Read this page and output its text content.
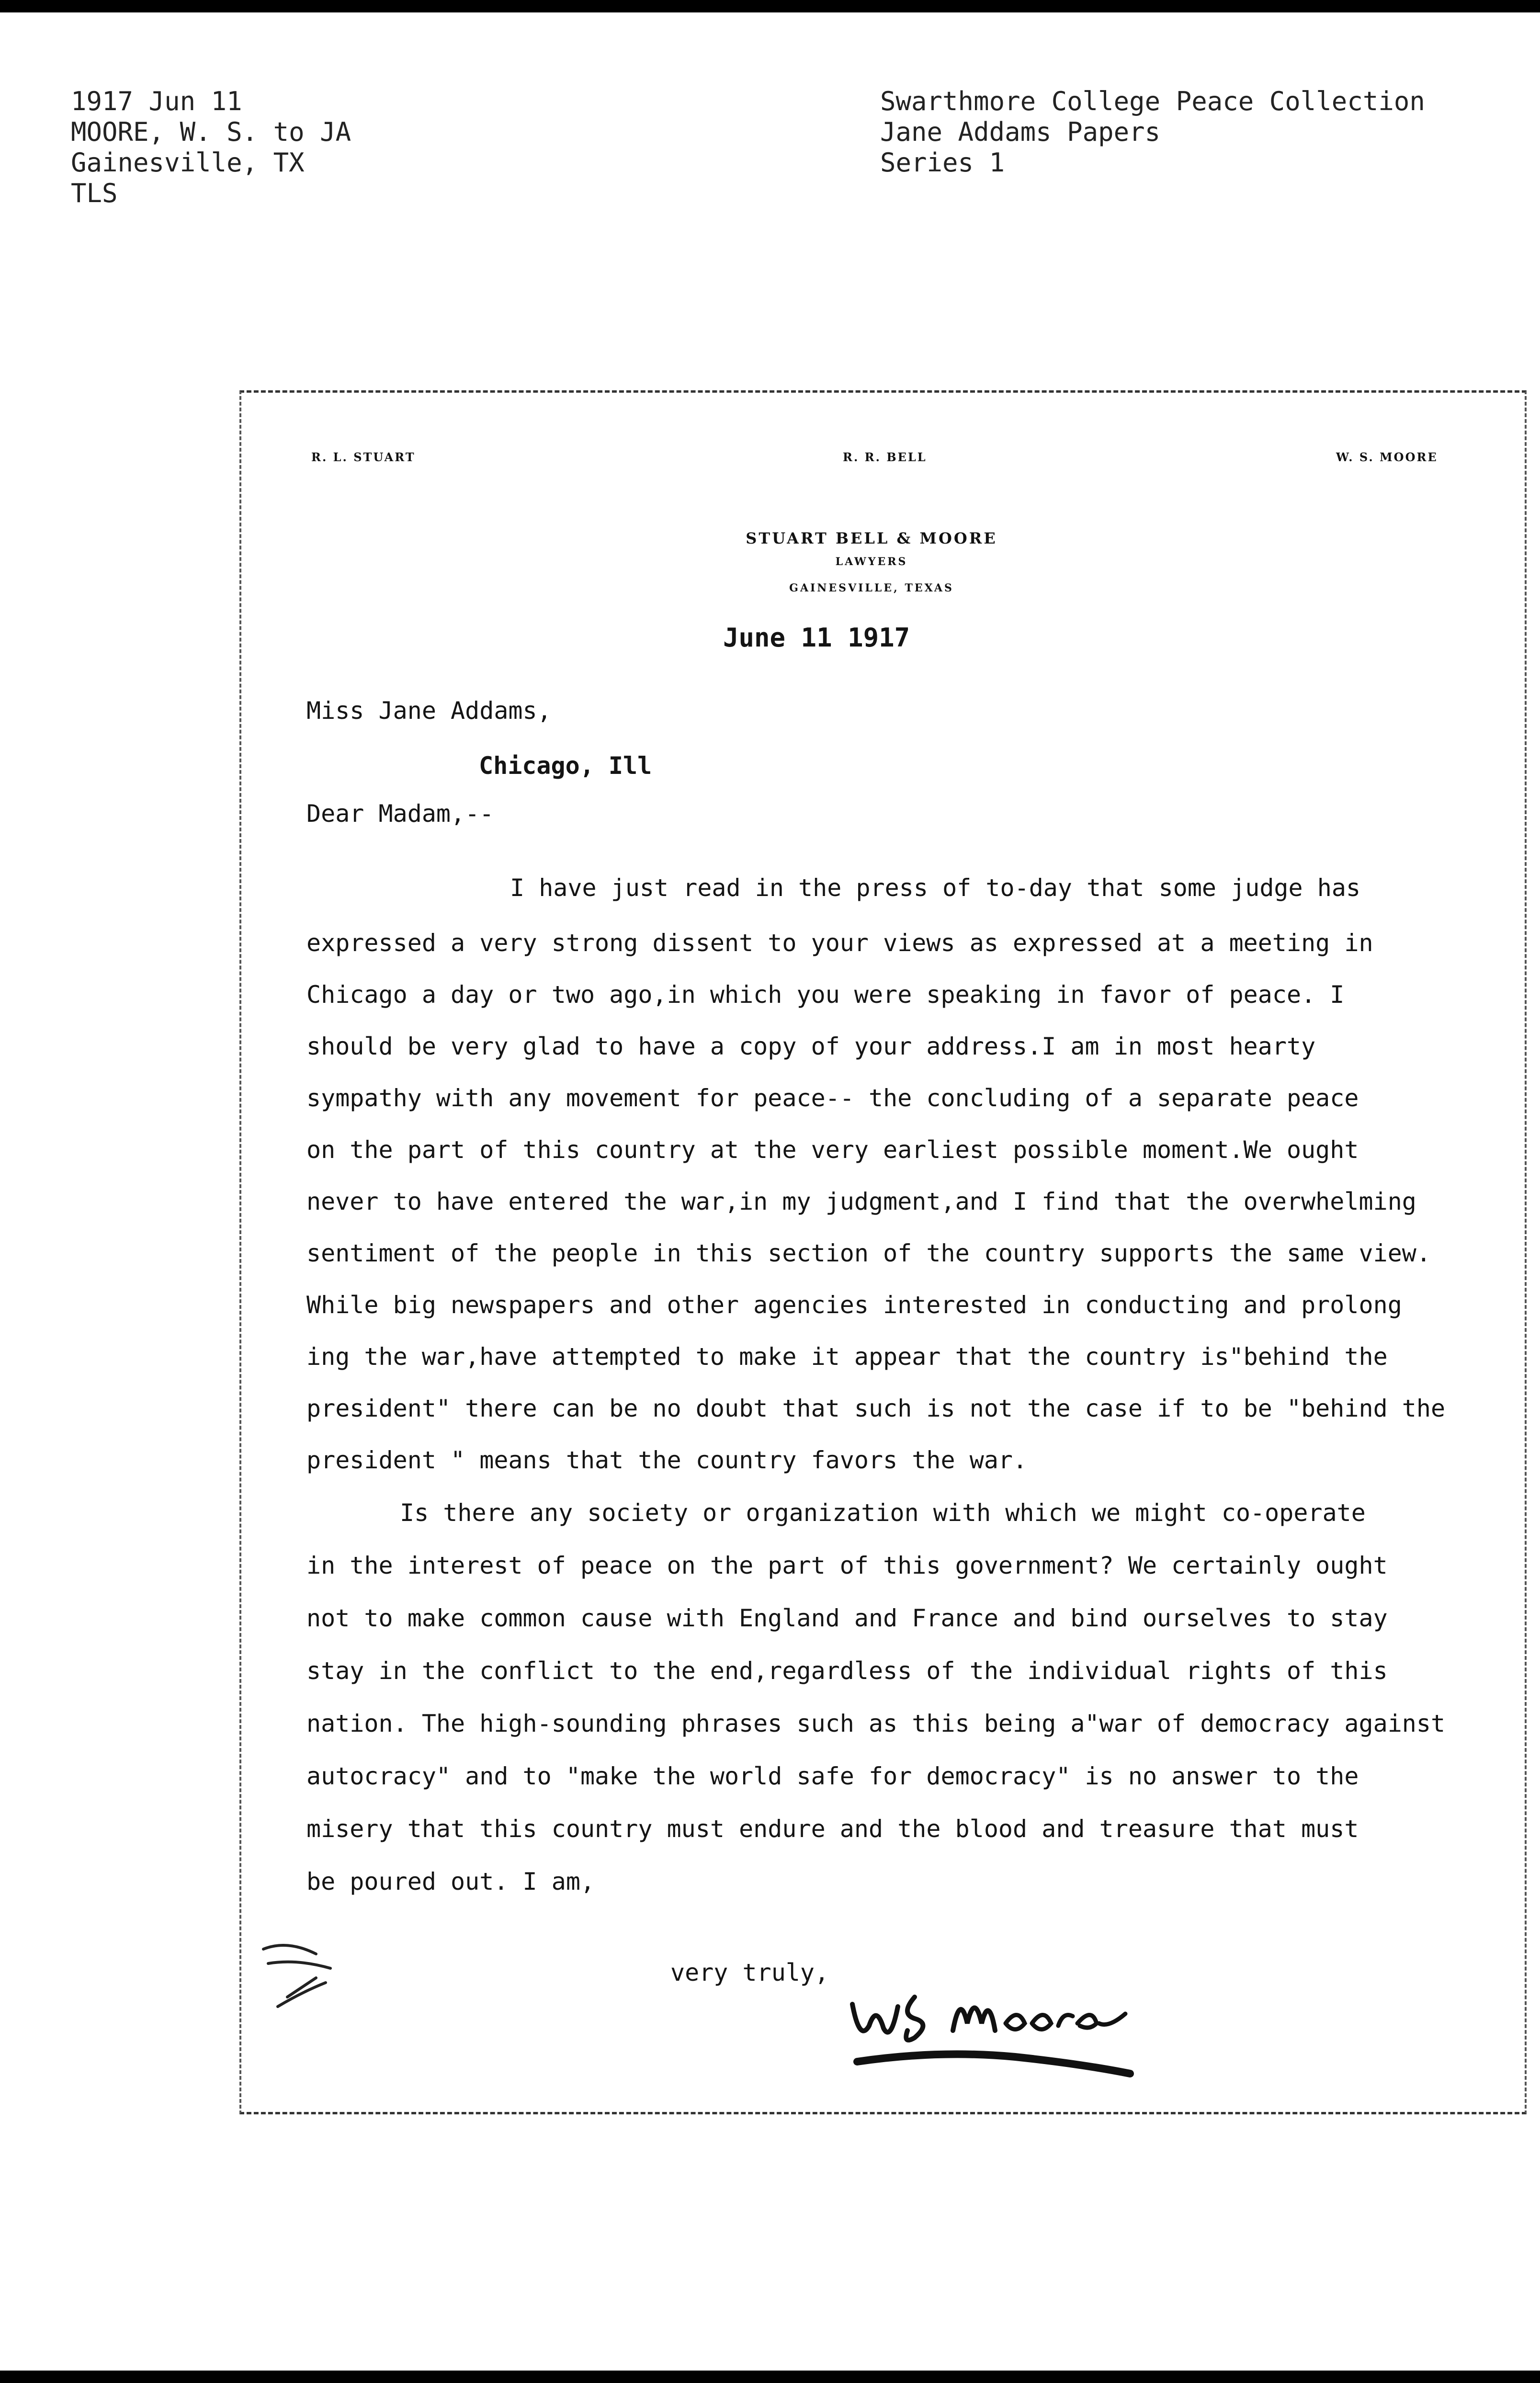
1917 Jun 11
MOORE, W. S. to JA
Gainesville, TX
TLS
Swarthmore College Peace Collection
Jane Addams Papers
Series 1
R. L. STUART	R. R. BELL	W. S. MOORE
STUART BELL & MOORE
LAWYERS
GAINESVILLE, TEXAS
June 11 1917
Miss Jane Addams,
Chicago, Ill
Dear Madam,--
I have just read in the press of to-day that some judge has
expressed a very strong dissent to your views as expressed at a meeting in
Chicago a day or two ago,in which you were speaking in favor of peace. I
should be very glad to have a copy of your address.I am in most hearty
sympathy with any movement for peace-- the concluding of a separate peace
on the part of this country at the very earliest possible moment.We ought
never to have entered the war,in my judgment,and I find that the overwhelming
sentiment of the people in this section of the country supports the same view.
While big newspapers and other agencies interested in conducting and prolong
ing the war,have attempted to make it appear that the country is"behind the
president" there can be no doubt that such is not the case if to be "behind the
president " means that the country favors the war.
Is there any society or organization with which we might co-operate
in the interest of peace on the part of this government? We certainly ought
not to make common cause with England and France and bind ourselves to stay
stay in the conflict to the end,regardless of the individual rights of this
nation. The high-sounding phrases such as this being a"war of democracy against
autocracy" and to "make the world safe for democracy" is no answer to the
misery that this country must endure and the blood and treasure that must
be poured out. I am,
very truly,
